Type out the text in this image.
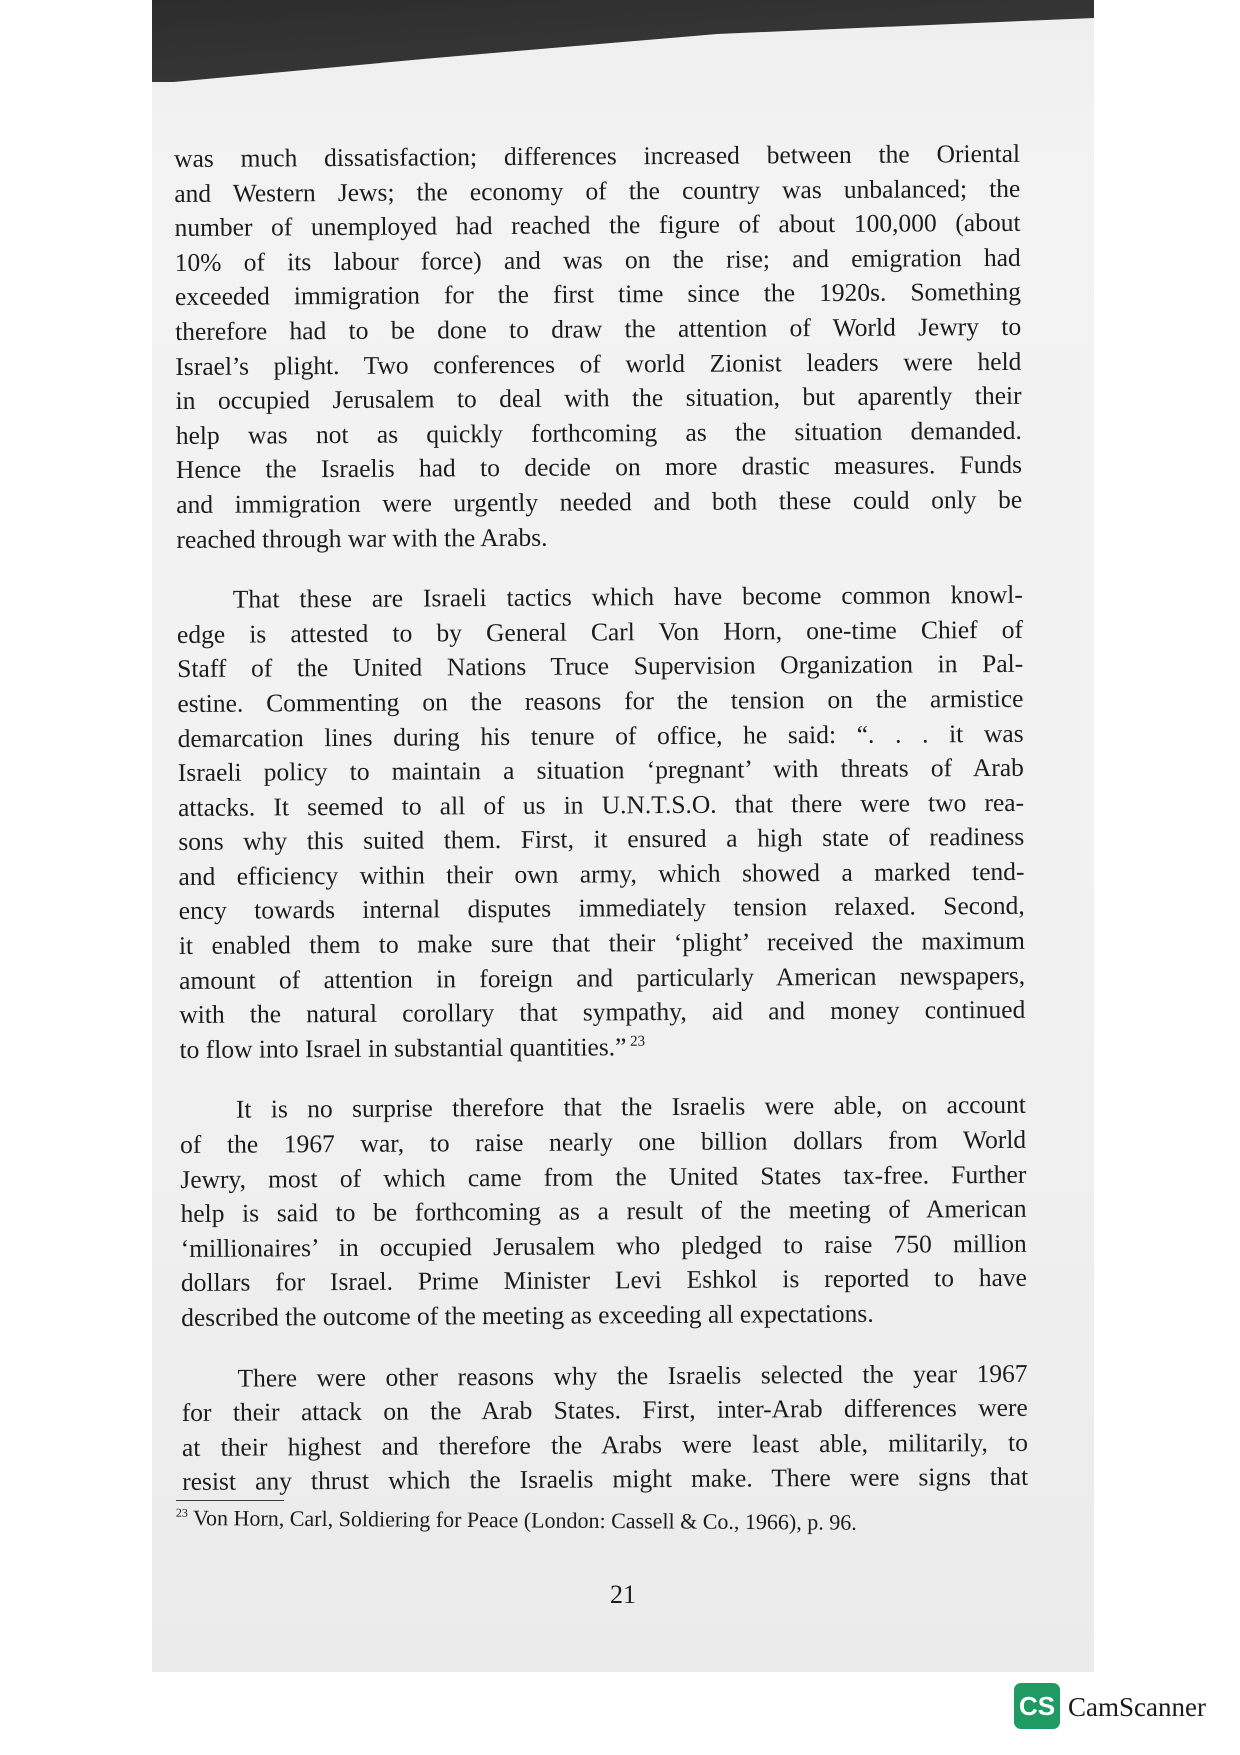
was much dissatisfaction; differences increased between the Oriental
and Western Jews; the economy of the country was unbalanced; the
number of unemployed had reached the figure of about 100,000 (about
10% of its labour force) and was on the rise; and emigration had
exceeded immigration for the first time since the 1920s. Something
therefore had to be done to draw the attention of World Jewry to
Israel’s plight. Two conferences of world Zionist leaders were held
in occupied Jerusalem to deal with the situation, but aparently their
help was not as quickly forthcoming as the situation demanded.
Hence the Israelis had to decide on more drastic measures. Funds
and immigration were urgently needed and both these could only be
reached through war with the Arabs.
That these are Israeli tactics which have become common knowl-
edge is attested to by General Carl Von Horn, one-time Chief of
Staff of the United Nations Truce Supervision Organization in Pal-
estine. Commenting on the reasons for the tension on the armistice
demarcation lines during his tenure of office, he said: “. . . it was
Israeli policy to maintain a situation ‘pregnant’ with threats of Arab
attacks. It seemed to all of us in U.N.T.S.O. that there were two rea-
sons why this suited them. First, it ensured a high state of readiness
and efficiency within their own army, which showed a marked tend-
ency towards internal disputes immediately tension relaxed. Second,
it enabled them to make sure that their ‘plight’ received the maximum
amount of attention in foreign and particularly American newspapers,
with the natural corollary that sympathy, aid and money continued
to flow into Israel in substantial quantities.” $^{23}$
It is no surprise therefore that the Israelis were able, on account
of the 1967 war, to raise nearly one billion dollars from World
Jewry, most of which came from the United States tax-free. Further
help is said to be forthcoming as a result of the meeting of American
‘millionaires’ in occupied Jerusalem who pledged to raise 750 million
dollars for Israel. Prime Minister Levi Eshkol is reported to have
described the outcome of the meeting as exceeding all expectations.
There were other reasons why the Israelis selected the year 1967
for their attack on the Arab States. First, inter-Arab differences were
at their highest and therefore the Arabs were least able, militarily, to
resist any thrust which the Israelis might make. There were signs that
$^{23}$ Von Horn, Carl, Soldiering for Peace (London: Cassell & Co., 1966), p. 96.
21
CS CamScanner
